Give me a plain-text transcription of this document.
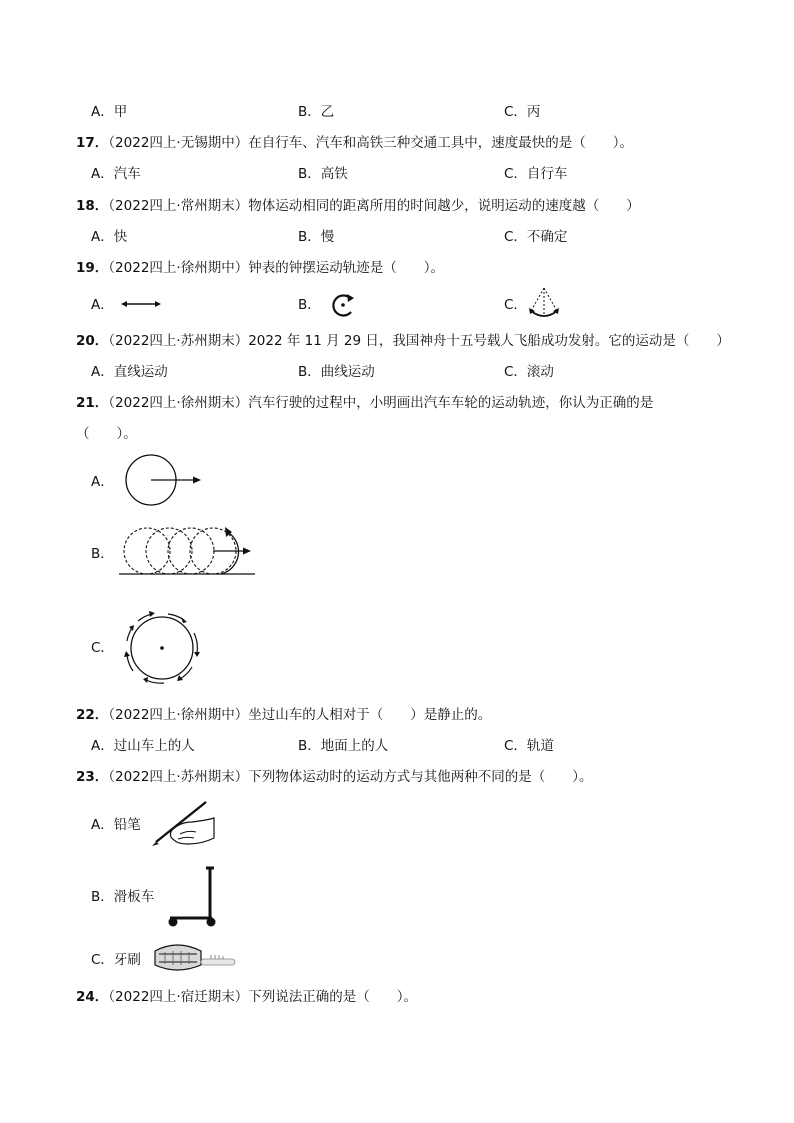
A．甲	B．乙	C．丙
17．（2022四上·无锡期中）在自行车、汽车和高铁三种交通工具中，速度最快的是（　　）。
A．汽车	B．高铁	C．自行车
18．（2022四上·常州期末）物体运动相同的距离所用的时间越少，说明运动的速度越（　　）
A．快	B．慢	C．不确定
19．（2022四上·徐州期中）钟表的钟摆运动轨迹是（　　）。
A．	B．	C．
20．（2022四上·苏州期末）2022 年 11 月 29 日，我国神舟十五号载人飞船成功发射。它的运动是（　　）
A．直线运动	B．曲线运动	C．滚动
21．（2022四上·徐州期末）汽车行驶的过程中，小明画出汽车车轮的运动轨迹，你认为正确的是
（　　）。
A．
B．
C．
22．（2022四上·徐州期中）坐过山车的人相对于（　　）是静止的。
A．过山车上的人	B．地面上的人	C．轨道
23．（2022四上·苏州期末）下列物体运动时的运动方式与其他两种不同的是（　　）。
A．铅笔
B．滑板车
C．牙刷
24．（2022四上·宿迁期末）下列说法正确的是（　　）。
